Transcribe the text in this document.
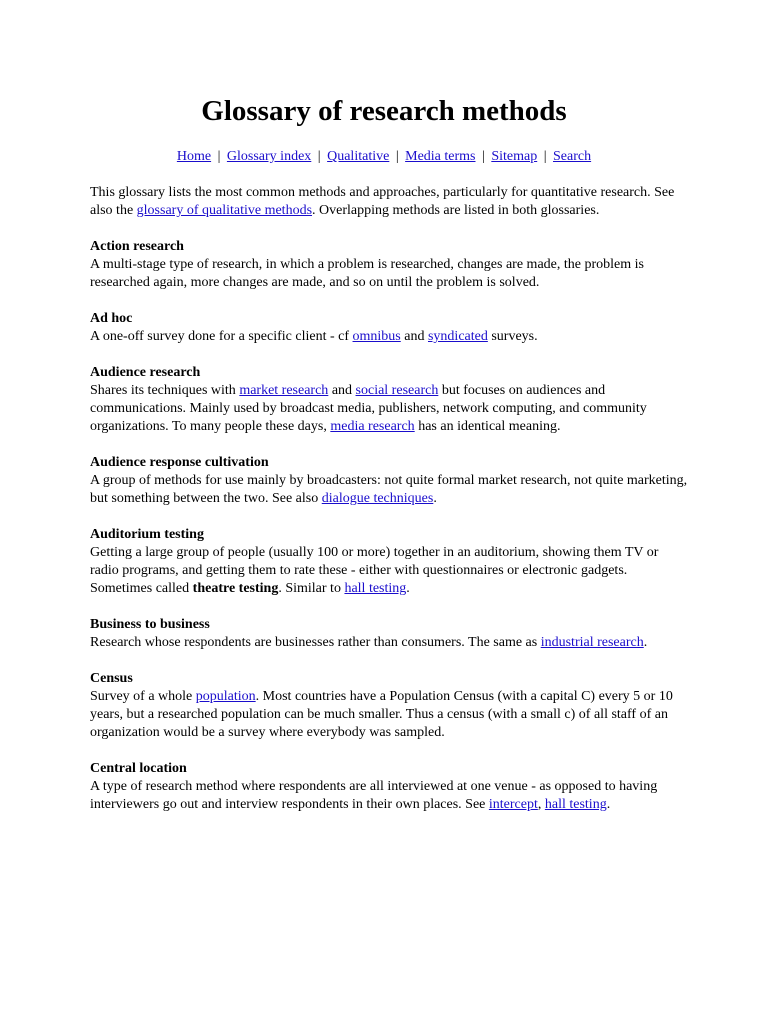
Glossary of research methods
Home | Glossary index | Qualitative | Media terms | Sitemap | Search

This glossary lists the most common methods and approaches, particularly for quantitative research. See also the glossary of qualitative methods. Overlapping methods are listed in both glossaries.

Action research
A multi-stage type of research, in which a problem is researched, changes are made, the problem is researched again, more changes are made, and so on until the problem is solved.
Ad hoc
A one-off survey done for a specific client - cf omnibus and syndicated surveys.
Audience research
Shares its techniques with market research and social research but focuses on audiences and communications. Mainly used by broadcast media, publishers, network computing, and community organizations. To many people these days, media research has an identical meaning.
Audience response cultivation
A group of methods for use mainly by broadcasters: not quite formal market research, not quite marketing, but something between the two. See also dialogue techniques.
Auditorium testing
Getting a large group of people (usually 100 or more) together in an auditorium, showing them TV or radio programs, and getting them to rate these - either with questionnaires or electronic gadgets. Sometimes called theatre testing. Similar to hall testing.
Business to business
Research whose respondents are businesses rather than consumers. The same as industrial research.
Census
Survey of a whole population. Most countries have a Population Census (with a capital C) every 5 or 10 years, but a researched population can be much smaller. Thus a census (with a small c) of all staff of an organization would be a survey where everybody was sampled.
Central location
A type of research method where respondents are all interviewed at one venue - as opposed to having interviewers go out and interview respondents in their own places. See intercept, hall testing.
